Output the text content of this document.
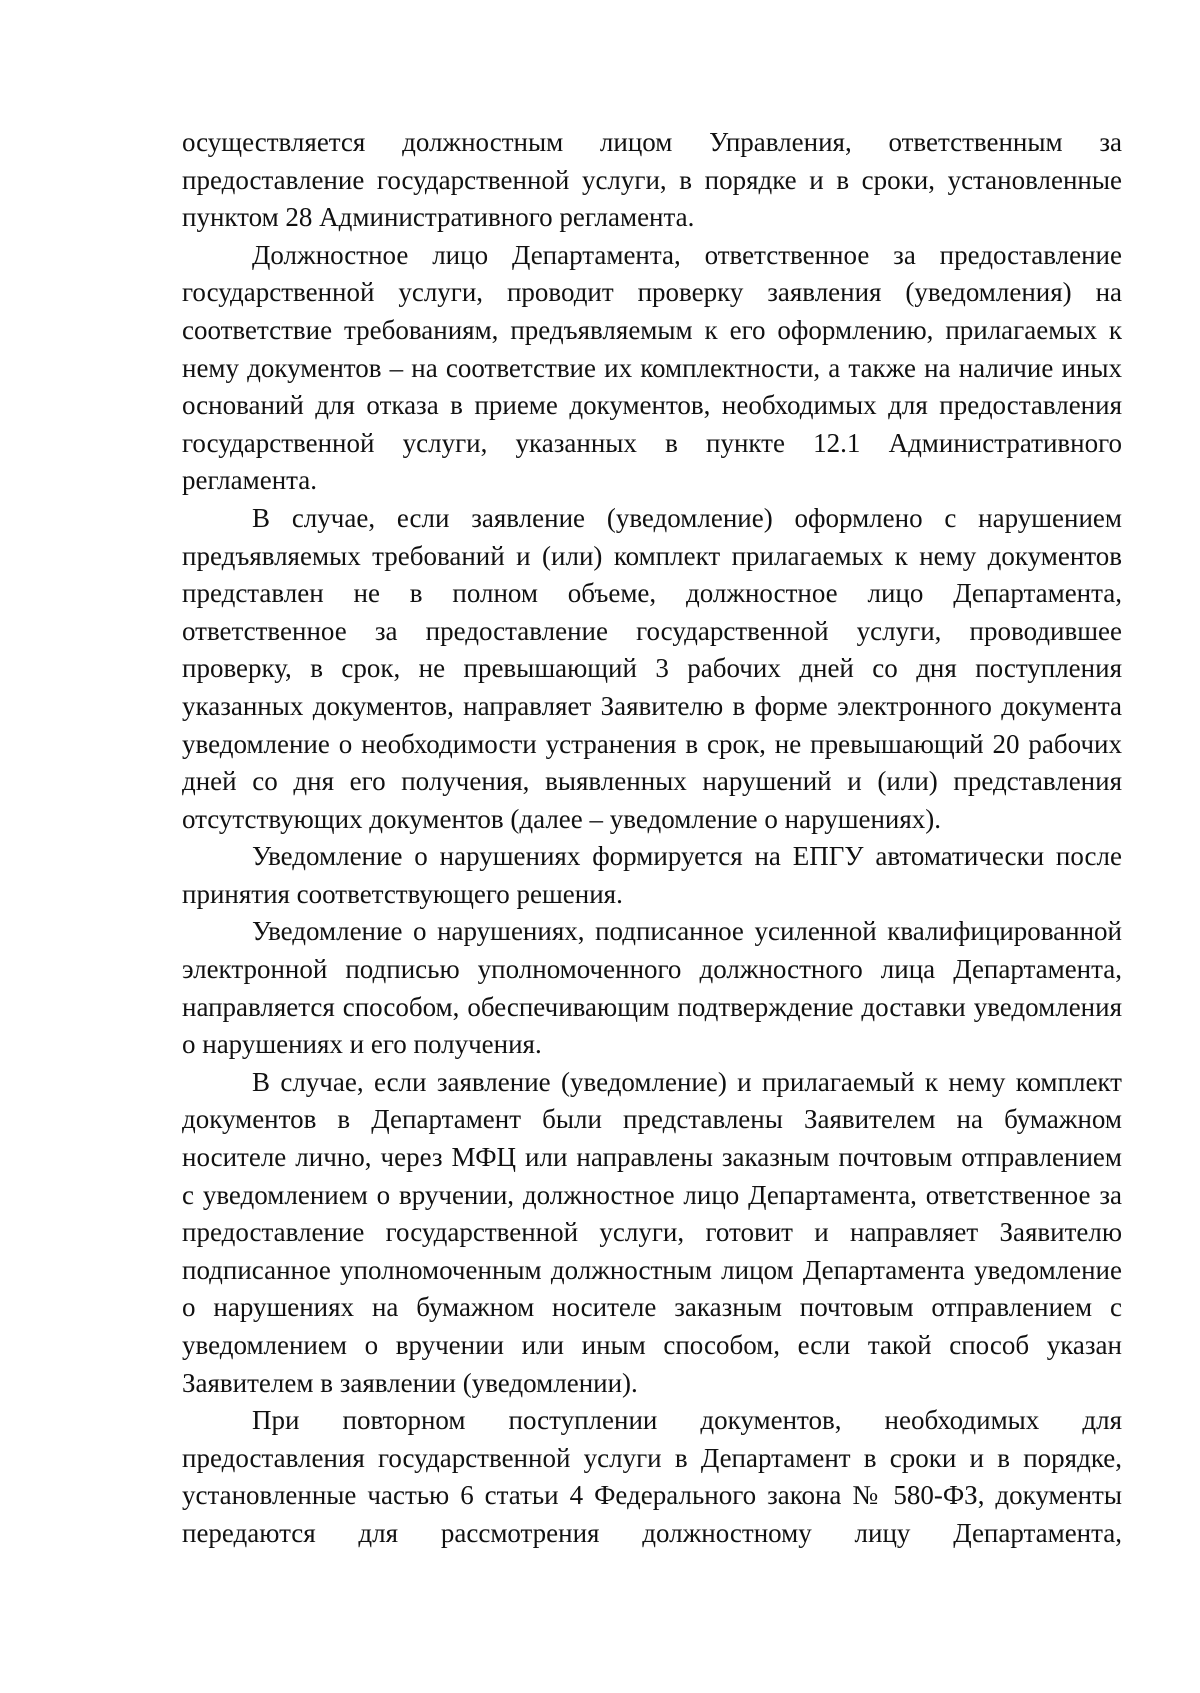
осуществляется должностным лицом Управления, ответственным за предоставление государственной услуги, в порядке и в сроки, установленные пунктом 28 Административного регламента.

Должностное лицо Департамента, ответственное за предоставление государственной услуги, проводит проверку заявления (уведомления) на соответствие требованиям, предъявляемым к его оформлению, прилагаемых к нему документов – на соответствие их комплектности, а также на наличие иных оснований для отказа в приеме документов, необходимых для предоставления государственной услуги, указанных в пункте 12.1 Административного регламента.

В случае, если заявление (уведомление) оформлено с нарушением предъявляемых требований и (или) комплект прилагаемых к нему документов представлен не в полном объеме, должностное лицо Департамента, ответственное за предоставление государственной услуги, проводившее проверку, в срок, не превышающий 3 рабочих дней со дня поступления указанных документов, направляет Заявителю в форме электронного документа уведомление о необходимости устранения в срок, не превышающий 20 рабочих дней со дня его получения, выявленных нарушений и (или) представления отсутствующих документов (далее – уведомление о нарушениях).

Уведомление о нарушениях формируется на ЕПГУ автоматически после принятия соответствующего решения.

Уведомление о нарушениях, подписанное усиленной квалифицированной электронной подписью уполномоченного должностного лица Департамента, направляется способом, обеспечивающим подтверждение доставки уведомления о нарушениях и его получения.

В случае, если заявление (уведомление) и прилагаемый к нему комплект документов в Департамент были представлены Заявителем на бумажном носителе лично, через МФЦ или направлены заказным почтовым отправлением с уведомлением о вручении, должностное лицо Департамента, ответственное за предоставление государственной услуги, готовит и направляет Заявителю подписанное уполномоченным должностным лицом Департамента уведомление о нарушениях на бумажном носителе заказным почтовым отправлением с уведомлением о вручении или иным способом, если такой способ указан Заявителем в заявлении (уведомлении).

При повторном поступлении документов, необходимых для предоставления государственной услуги в Департамент в сроки и в порядке, установленные частью 6 статьи 4 Федерального закона № 580-ФЗ, документы передаются для рассмотрения должностному лицу Департамента,
